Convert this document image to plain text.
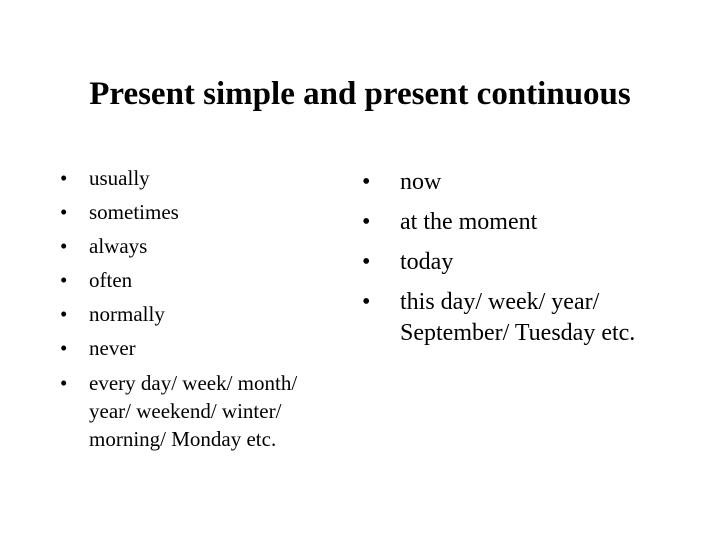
Present simple and present continuous
• usually
• sometimes
• always
• often
• normally
• never
• every day/ week/ month/ year/ weekend/ winter/ morning/ Monday etc.
• now
• at the moment
• today
• this day/ week/ year/ September/ Tuesday etc.
